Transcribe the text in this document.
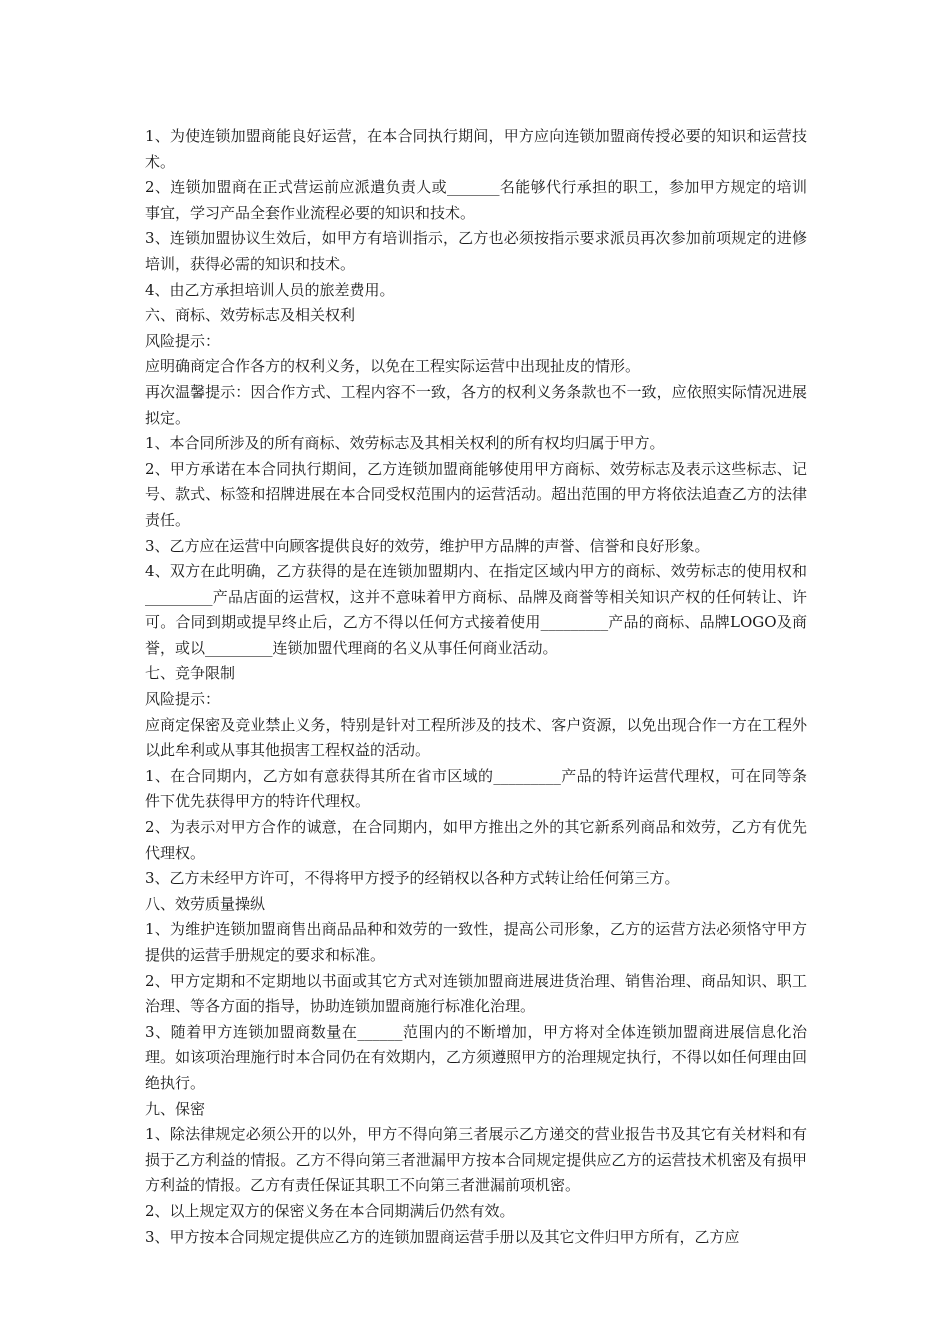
1、为使连锁加盟商能良好运营，在本合同执行期间，甲方应向连锁加盟商传授必要的知识和运营技术。

2、连锁加盟商在正式营运前应派遣负责人或_______名能够代行承担的职工，参加甲方规定的培训事宜，学习产品全套作业流程必要的知识和技术。

3、连锁加盟协议生效后，如甲方有培训指示，乙方也必须按指示要求派员再次参加前项规定的进修培训，获得必需的知识和技术。

4、由乙方承担培训人员的旅差费用。

六、商标、效劳标志及相关权利

风险提示：

应明确商定合作各方的权利义务，以免在工程实际运营中出现扯皮的情形。

再次温馨提示：因合作方式、工程内容不一致，各方的权利义务条款也不一致，应依照实际情况进展拟定。

1、本合同所涉及的所有商标、效劳标志及其相关权利的所有权均归属于甲方。

2、甲方承诺在本合同执行期间，乙方连锁加盟商能够使用甲方商标、效劳标志及表示这些标志、记号、款式、标签和招牌进展在本合同受权范围内的运营活动。超出范围的甲方将依法追查乙方的法律责任。

3、乙方应在运营中向顾客提供良好的效劳，维护甲方品牌的声誉、信誉和良好形象。

4、双方在此明确，乙方获得的是在连锁加盟期内、在指定区域内甲方的商标、效劳标志的使用权和_________产品店面的运营权，这并不意味着甲方商标、品牌及商誉等相关知识产权的任何转让、许可。合同到期或提早终止后，乙方不得以任何方式接着使用_________产品的商标、品牌LOGO及商誉，或以_________连锁加盟代理商的名义从事任何商业活动。

七、竞争限制

风险提示：

应商定保密及竞业禁止义务，特别是针对工程所涉及的技术、客户资源，以免出现合作一方在工程外以此牟利或从事其他损害工程权益的活动。

1、在合同期内，乙方如有意获得其所在省市区域的_________产品的特许运营代理权，可在同等条件下优先获得甲方的特许代理权。

2、为表示对甲方合作的诚意，在合同期内，如甲方推出之外的其它新系列商品和效劳，乙方有优先代理权。

3、乙方未经甲方许可，不得将甲方授予的经销权以各种方式转让给任何第三方。

八、效劳质量操纵

1、为维护连锁加盟商售出商品品种和效劳的一致性，提高公司形象，乙方的运营方法必须恪守甲方提供的运营手册规定的要求和标准。

2、甲方定期和不定期地以书面或其它方式对连锁加盟商进展进货治理、销售治理、商品知识、职工治理、等各方面的指导，协助连锁加盟商施行标准化治理。

3、随着甲方连锁加盟商数量在______范围内的不断增加，甲方将对全体连锁加盟商进展信息化治理。如该项治理施行时本合同仍在有效期内，乙方须遵照甲方的治理规定执行，不得以如任何理由回绝执行。

九、保密

1、除法律规定必须公开的以外，甲方不得向第三者展示乙方递交的营业报告书及其它有关材料和有损于乙方利益的情报。乙方不得向第三者泄漏甲方按本合同规定提供应乙方的运营技术机密及有损甲方利益的情报。乙方有责任保证其职工不向第三者泄漏前项机密。

2、以上规定双方的保密义务在本合同期满后仍然有效。

3、甲方按本合同规定提供应乙方的连锁加盟商运营手册以及其它文件归甲方所有，乙方应
